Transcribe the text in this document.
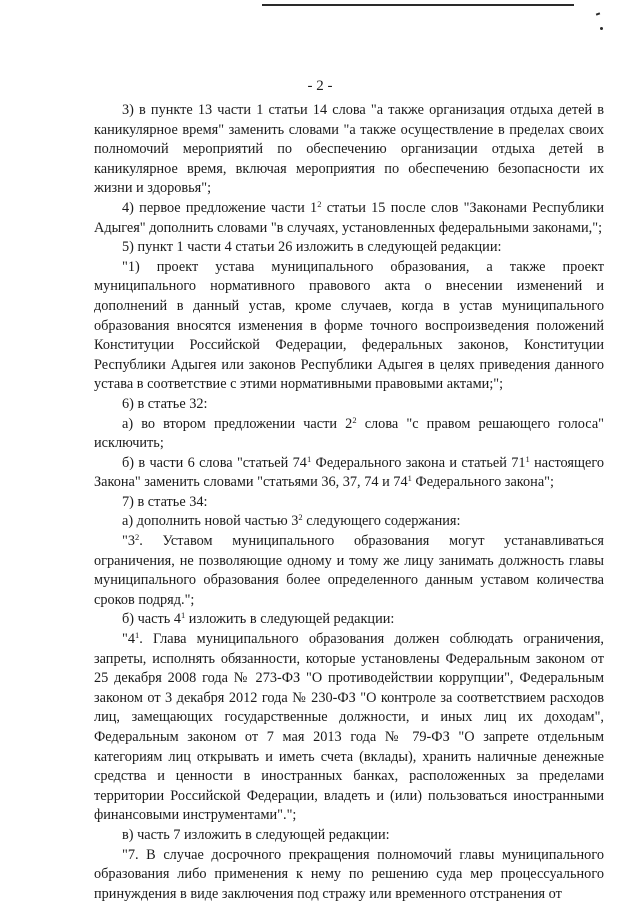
- 2 -

3) в пункте 13 части 1 статьи 14 слова "а также организация отдыха детей в каникулярное время" заменить словами "а также осуществление в пределах своих полномочий мероприятий по обеспечению организации отдыха детей в каникулярное время, включая мероприятия по обеспечению безопасности их жизни и здоровья";

4) первое предложение части $1^2$ статьи 15 после слов "Законами Республики Адыгея" дополнить словами "в случаях, установленных федеральными законами,";

5) пункт 1 части 4 статьи 26 изложить в следующей редакции:

"1) проект устава муниципального образования, а также проект муниципального нормативного правового акта о внесении изменений и дополнений в данный устав, кроме случаев, когда в устав муниципального образования вносятся изменения в форме точного воспроизведения положений Конституции Российской Федерации, федеральных законов, Конституции Республики Адыгея или законов Республики Адыгея в целях приведения данного устава в соответствие с этими нормативными правовыми актами;";

6) в статье 32:

а) во втором предложении части $2^2$ слова "с правом решающего голоса" исключить;

б) в части 6 слова "статьей $74^1$ Федерального закона и статьей $71^1$ настоящего Закона" заменить словами "статьями 36, 37, 74 и $74^1$ Федерального закона";

7) в статье 34:

а) дополнить новой частью $3^2$ следующего содержания:

"$3^2$. Уставом муниципального образования могут устанавливаться ограничения, не позволяющие одному и тому же лицу занимать должность главы муниципального образования более определенного данным уставом количества сроков подряд.";

б) часть $4^1$ изложить в следующей редакции:

"$4^1$. Глава муниципального образования должен соблюдать ограничения, запреты, исполнять обязанности, которые установлены Федеральным законом от 25 декабря 2008 года № 273-ФЗ "О противодействии коррупции", Федеральным законом от 3 декабря 2012 года № 230-ФЗ "О контроле за соответствием расходов лиц, замещающих государственные должности, и иных лиц их доходам", Федеральным законом от 7 мая 2013 года № 79-ФЗ "О запрете отдельным категориям лиц открывать и иметь счета (вклады), хранить наличные денежные средства и ценности в иностранных банках, расположенных за пределами территории Российской Федерации, владеть и (или) пользоваться иностранными финансовыми инструментами".";

в) часть 7 изложить в следующей редакции:

"7. В случае досрочного прекращения полномочий главы муниципального образования либо применения к нему по решению суда мер процессуального принуждения в виде заключения под стражу или временного отстранения от
